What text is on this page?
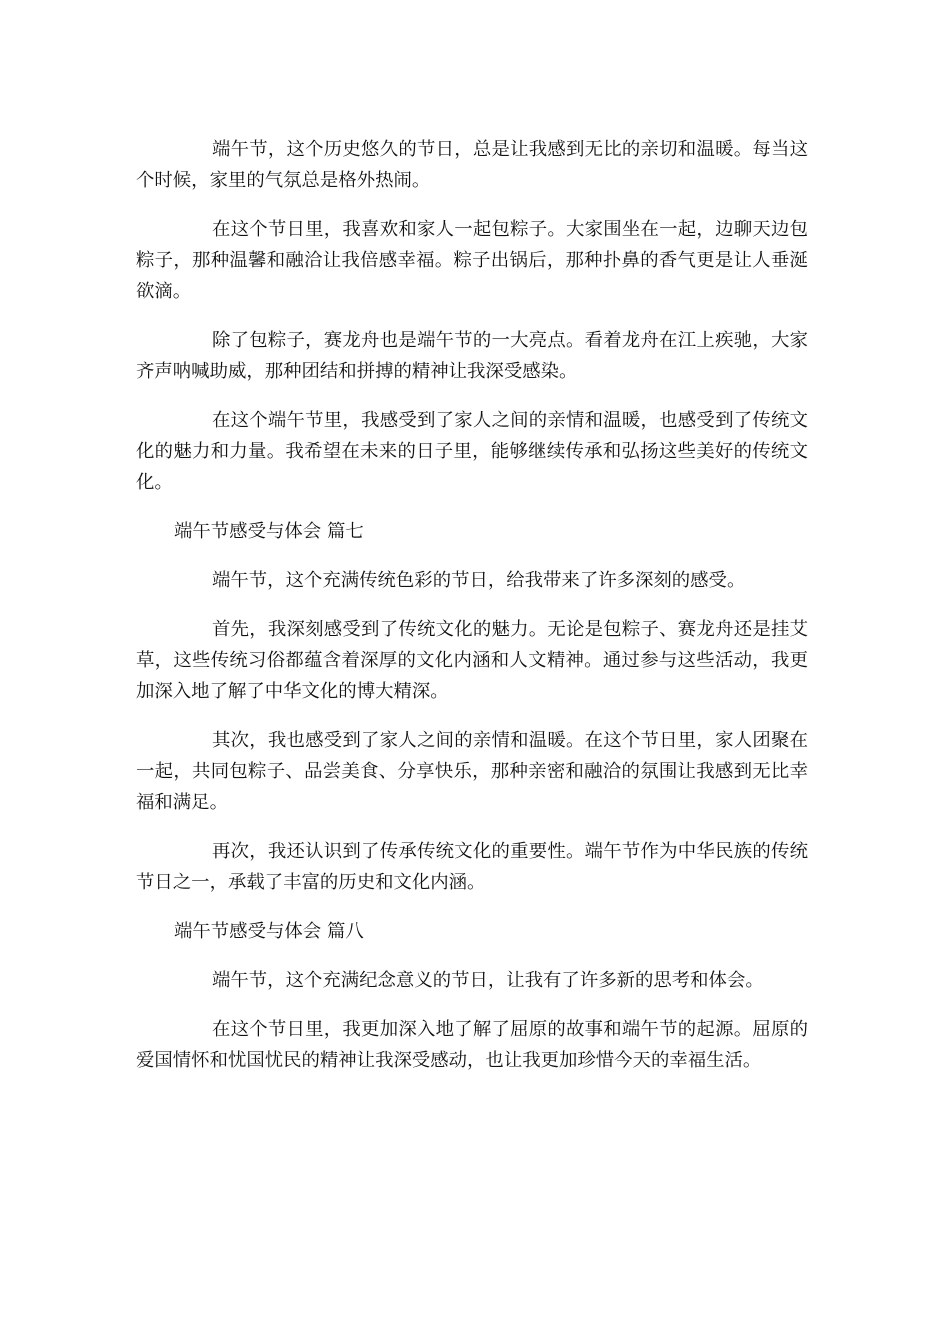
端午节，这个历史悠久的节日，总是让我感到无比的亲切和温暖。每当这个时候，家里的气氛总是格外热闹。

在这个节日里，我喜欢和家人一起包粽子。大家围坐在一起，边聊天边包粽子，那种温馨和融洽让我倍感幸福。粽子出锅后，那种扑鼻的香气更是让人垂涎欲滴。

除了包粽子，赛龙舟也是端午节的一大亮点。看着龙舟在江上疾驰，大家齐声呐喊助威，那种团结和拼搏的精神让我深受感染。

在这个端午节里，我感受到了家人之间的亲情和温暖，也感受到了传统文化的魅力和力量。我希望在未来的日子里，能够继续传承和弘扬这些美好的传统文化。

端午节感受与体会 篇七

端午节，这个充满传统色彩的节日，给我带来了许多深刻的感受。

首先，我深刻感受到了传统文化的魅力。无论是包粽子、赛龙舟还是挂艾草，这些传统习俗都蕴含着深厚的文化内涵和人文精神。通过参与这些活动，我更加深入地了解了中华文化的博大精深。

其次，我也感受到了家人之间的亲情和温暖。在这个节日里，家人团聚在一起，共同包粽子、品尝美食、分享快乐，那种亲密和融洽的氛围让我感到无比幸福和满足。

再次，我还认识到了传承传统文化的重要性。端午节作为中华民族的传统节日之一，承载了丰富的历史和文化内涵。

端午节感受与体会 篇八

端午节，这个充满纪念意义的节日，让我有了许多新的思考和体会。

在这个节日里，我更加深入地了解了屈原的故事和端午节的起源。屈原的爱国情怀和忧国忧民的精神让我深受感动，也让我更加珍惜今天的幸福生活。
